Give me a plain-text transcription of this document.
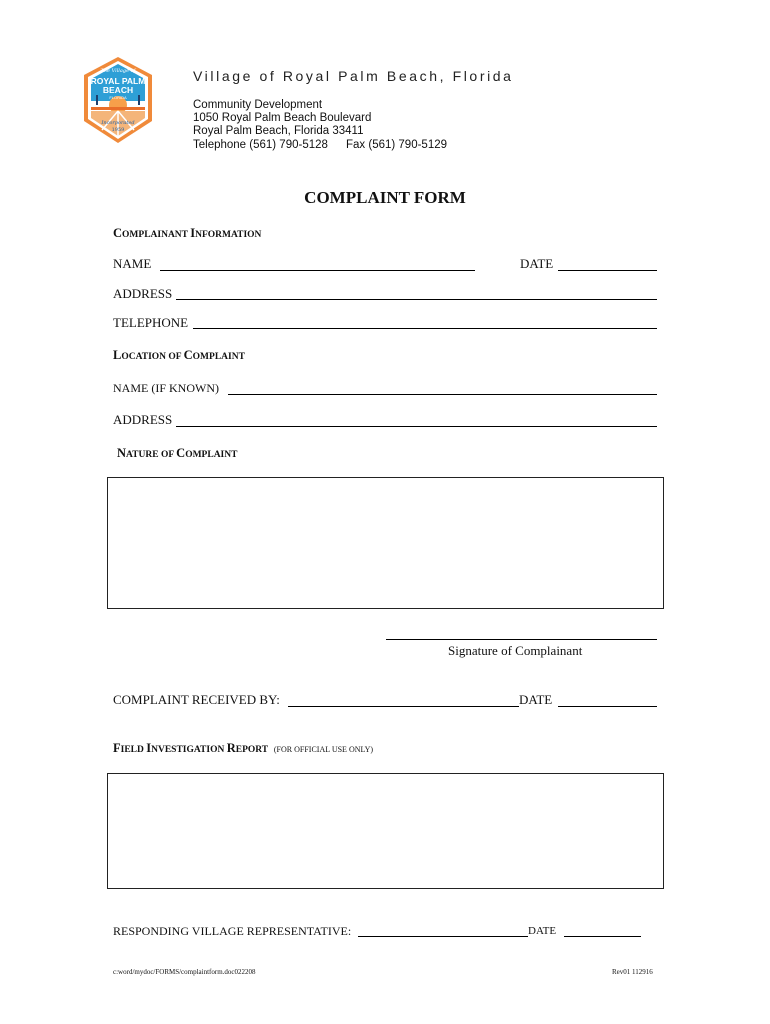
The Village of
ROYAL PALM
BEACH
FLORIDA
Incorporated
1959
Village of Royal Palm Beach, Florida
Community Development
1050 Royal Palm Beach Boulevard
Royal Palm Beach, Florida 33411
Telephone (561) 790-5128 Fax (561) 790-5129
COMPLAINT FORM
COMPLAINANT INFORMATION
NAME	DATE
ADDRESS
TELEPHONE
LOCATION OF COMPLAINT
NAME (IF KNOWN)
ADDRESS
NATURE OF COMPLAINT
Signature of Complainant
COMPLAINT RECEIVED BY:	DATE
FIELD INVESTIGATION REPORT (FOR OFFICIAL USE ONLY)
RESPONDING VILLAGE REPRESENTATIVE:	DATE
c:word/mydoc/FORMS/complaintform.doc022208	Rev01 112916
